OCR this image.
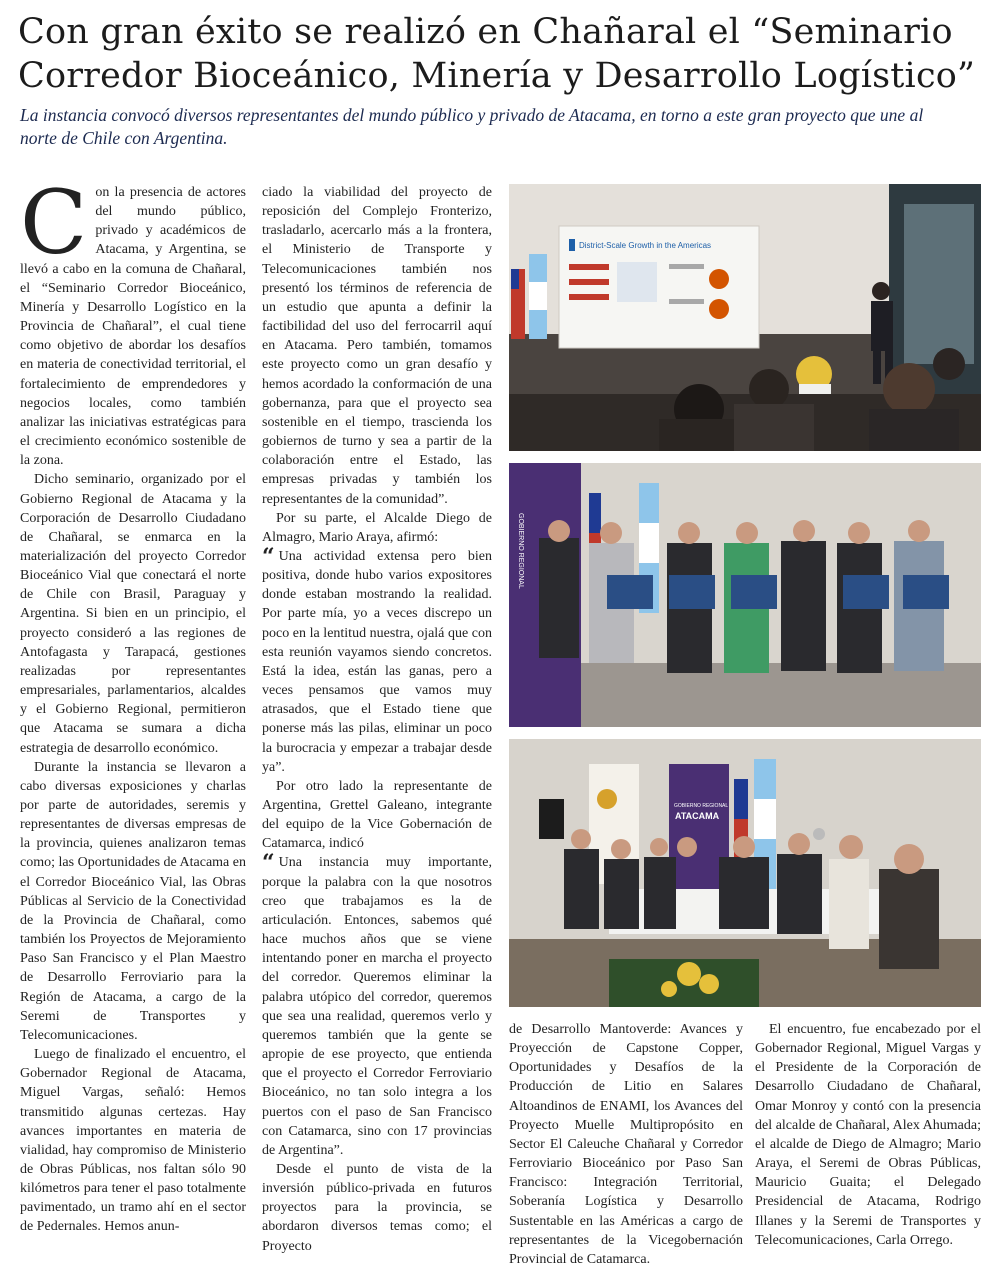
Con gran éxito se realizó en Chañaral el “Seminario Corredor Bioceánico, Minería y Desarrollo Logístico”

La instancia convocó diversos representantes del mundo público y privado de Atacama, en torno a este gran proyecto que une al norte de Chile con Argentina.

Con la presencia de actores del mundo público, privado y académicos de Atacama, y Argentina, se llevó a cabo en la comuna de Chañaral, el “Seminario Corredor Bioceánico, Minería y Desarrollo Logístico en la Provincia de Chañaral”, el cual tiene como objetivo de abordar los desafíos en materia de conectividad territorial, el fortalecimiento de emprendedores y negocios locales, como también analizar las iniciativas estratégicas para el crecimiento económico sostenible de la zona.

Dicho seminario, organizado por el Gobierno Regional de Atacama y la Corporación de Desarrollo Ciudadano de Chañaral, se enmarca en la materialización del proyecto Corredor Bioceánico Vial que conectará el norte de Chile con Brasil, Paraguay y Argentina. Si bien en un principio, el proyecto consideró a las regiones de Antofagasta y Tarapacá, gestiones realizadas por representantes empresariales, parlamentarios, alcaldes y el Gobierno Regional, permitieron que Atacama se sumara a dicha estrategia de desarrollo económico.

Durante la instancia se llevaron a cabo diversas exposiciones y charlas por parte de autoridades, seremis y representantes de diversas empresas de la provincia, quienes analizaron temas como; las Oportunidades de Atacama en el Corredor Bioceánico Vial, las Obras Públicas al Servicio de la Conectividad de la Provincia de Chañaral, como también los Proyectos de Mejoramiento Paso San Francisco y el Plan Maestro de Desarrollo Ferroviario para la Región de Atacama, a cargo de la Seremi de Transportes y Telecomunicaciones.

Luego de finalizado el encuentro, el Gobernador Regional de Atacama, Miguel Vargas, señaló: Hemos transmitido algunas certezas. Hay avances importantes en materia de vialidad, hay compromiso de Ministerio de Obras Públicas, nos faltan sólo 90 kilómetros para tener el paso totalmente pavimentado, un tramo ahí en el sector de Pedernales. Hemos anun-

ciado la viabilidad del proyecto de reposición del Complejo Fronterizo, trasladarlo, acercarlo más a la frontera, el Ministerio de Transporte y Telecomunicaciones también nos presentó los términos de referencia de un estudio que apunta a definir la factibilidad del uso del ferrocarril aquí en Atacama. Pero también, tomamos este proyecto como un gran desafío y hemos acordado la conformación de una gobernanza, para que el proyecto sea sostenible en el tiempo, trascienda los gobiernos de turno y sea a partir de la colaboración entre el Estado, las empresas privadas y también los representantes de la comunidad”.

Por su parte, el Alcalde Diego de Almagro, Mario Araya, afirmó:

“ Una actividad extensa pero bien positiva, donde hubo varios expositores donde estaban mostrando la realidad. Por parte mía, yo a veces discrepo un poco en la lentitud nuestra, ojalá que con esta reunión vayamos siendo concretos. Está la idea, están las ganas, pero a veces pensamos que vamos muy atrasados, que el Estado tiene que ponerse más las pilas, eliminar un poco la burocracia y empezar a trabajar desde ya”.

Por otro lado la representante de Argentina, Grettel Galeano, integrante del equipo de la Vice Gobernación de Catamarca, indicó

“ Una instancia muy importante, porque la palabra con la que nosotros creo que trabajamos es la de articulación. Entonces, sabemos qué hace muchos años que se viene intentando poner en marcha el proyecto del corredor. Queremos eliminar la palabra utópico del corredor, queremos que sea una realidad, queremos verlo y queremos también que la gente se apropie de ese proyecto, que entienda que el proyecto el Corredor Ferroviario Bioceánico, no tan solo integra a los puertos con el paso de San Francisco con Catamarca, sino con 17 provincias de Argentina”.

Desde el punto de vista de la inversión público-privada en futuros proyectos para la provincia, se abordaron diversos temas como; el Proyecto

de Desarrollo Mantoverde: Avances y Proyección de Capstone Copper, Oportunidades y Desafíos de la Producción de Litio en Salares Altoandinos de ENAMI, los Avances del Proyecto Muelle Multipropósito en Sector El Caleuche Chañaral y Corredor Ferroviario Bioceánico por Paso San Francisco: Integración Territorial, Soberanía Logística y Desarrollo Sustentable en las Américas a cargo de representantes de la Vicegobernación Provincial de Catamarca.

El encuentro, fue encabezado por el Gobernador Regional, Miguel Vargas y el Presidente de la Corporación de Desarrollo Ciudadano de Chañaral, Omar Monroy y contó con la presencia del alcalde de Chañaral, Alex Ahumada; el alcalde de Diego de Almagro; Mario Araya, el Seremi de Obras Públicas, Mauricio Guaita; el Delegado Presidencial de Atacama, Rodrigo Illanes y la Seremi de Transportes y Telecomunicaciones, Carla Orrego.

District-Scale Growth in the Americas
GOBIERNO REGIONAL
GOBIERNO REGIONAL
ATACAMA
